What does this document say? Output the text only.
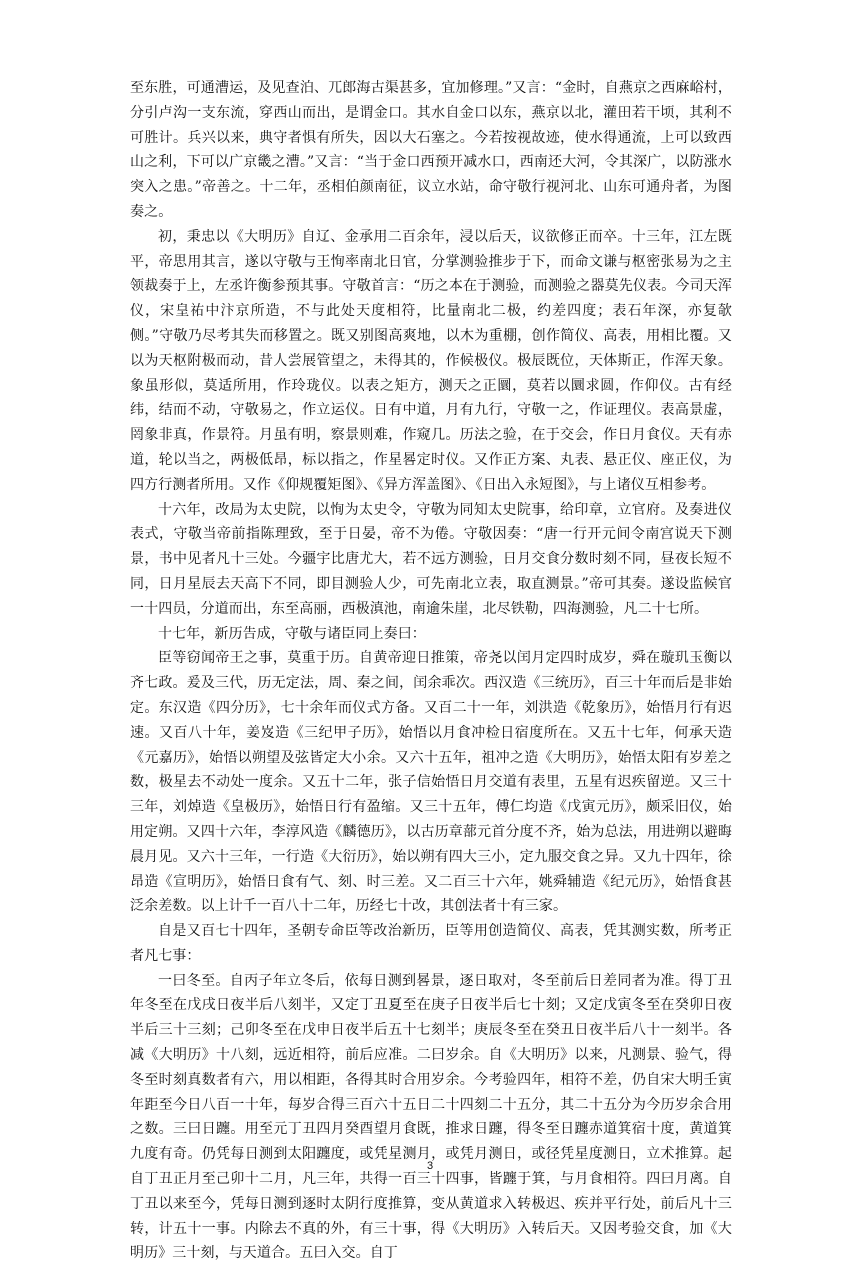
至东胜，可通漕运，及见查泊、兀郎海古渠甚多，宜加修理。”又言：“金时，自燕京之西麻峪村，分引卢沟一支东流，穿西山而出，是谓金口。其水自金口以东，燕京以北，灌田若干顷，其利不可胜计。兵兴以来，典守者惧有所失，因以大石塞之。今若按视故迹，使水得通流，上可以致西山之利，下可以广京畿之漕。”又言：“当于金口西预开减水口，西南还大河，令其深广，以防涨水突入之患。”帝善之。十二年，丞相伯颜南征，议立水站，命守敬行视河北、山东可通舟者，为图奏之。

初，秉忠以《大明历》自辽、金承用二百余年，浸以后天，议欲修正而卒。十三年，江左既平，帝思用其言，遂以守敬与王恂率南北日官，分掌测验推步于下，而命文谦与枢密张易为之主领裁奏于上，左丞许衡参预其事。守敬首言：“历之本在于测验，而测验之器莫先仪表。今司天浑仪，宋皇祐中汴京所造，不与此处天度相符，比量南北二极，约差四度；表石年深，亦复欹侧。”守敬乃尽考其失而移置之。既又别图高爽地，以木为重棚，创作简仪、高表，用相比覆。又以为天枢附极而动，昔人尝展管望之，未得其的，作候极仪。极辰既位，天体斯正，作浑天象。象虽形似，莫适所用，作玲珑仪。以表之矩方，测天之正圜，莫若以圜求圆，作仰仪。古有经纬，结而不动，守敬易之，作立运仪。日有中道，月有九行，守敬一之，作证理仪。表高景虚，罔象非真，作景符。月虽有明，察景则难，作窥几。历法之验，在于交会，作日月食仪。天有赤道，轮以当之，两极低昂，标以指之，作星晷定时仪。又作正方案、丸表、悬正仪、座正仪，为四方行测者所用。又作《仰规覆矩图》、《异方浑盖图》、《日出入永短图》，与上诸仪互相参考。

十六年，改局为太史院，以恂为太史令，守敬为同知太史院事，给印章，立官府。及奏进仪表式，守敬当帝前指陈理致，至于日晏，帝不为倦。守敬因奏：“唐一行开元间令南宫说天下测景，书中见者凡十三处。今疆宇比唐尤大，若不远方测验，日月交食分数时刻不同，昼夜长短不同，日月星辰去天高下不同，即目测验人少，可先南北立表，取直测景。”帝可其奏。遂设监候官一十四员，分道而出，东至高丽，西极滇池，南逾朱崖，北尽铁勒，四海测验，凡二十七所。

十七年，新历告成，守敬与诸臣同上奏曰：

臣等窃闻帝王之事，莫重于历。自黄帝迎日推策，帝尧以闰月定四时成岁，舜在璇玑玉衡以齐七政。爰及三代，历无定法，周、秦之间，闰余乖次。西汉造《三统历》，百三十年而后是非始定。东汉造《四分历》，七十余年而仪式方备。又百二十一年，刘洪造《乾象历》，始悟月行有迟速。又百八十年，姜岌造《三纪甲子历》，始悟以月食冲检日宿度所在。又五十七年，何承天造《元嘉历》，始悟以朔望及弦皆定大小余。又六十五年，祖冲之造《大明历》，始悟太阳有岁差之数，极星去不动处一度余。又五十二年，张子信始悟日月交道有表里，五星有迟疾留逆。又三十三年，刘焯造《皇极历》，始悟日行有盈缩。又三十五年，傅仁均造《戊寅元历》，颇采旧仪，始用定朔。又四十六年，李淳风造《麟德历》，以古历章蔀元首分度不齐，始为总法，用进朔以避晦晨月见。又六十三年，一行造《大衍历》，始以朔有四大三小，定九服交食之异。又九十四年，徐昂造《宣明历》，始悟日食有气、刻、时三差。又二百三十六年，姚舜辅造《纪元历》，始悟食甚泛余差数。以上计千一百八十二年，历经七十改，其创法者十有三家。

自是又百七十四年，圣朝专命臣等改治新历，臣等用创造简仪、高表，凭其测实数，所考正者凡七事：

一曰冬至。自丙子年立冬后，依每日测到晷景，逐日取对，冬至前后日差同者为准。得丁丑年冬至在戊戌日夜半后八刻半，又定丁丑夏至在庚子日夜半后七十刻；又定戊寅冬至在癸卯日夜半后三十三刻；己卯冬至在戊申日夜半后五十七刻半；庚辰冬至在癸丑日夜半后八十一刻半。各减《大明历》十八刻，远近相符，前后应准。二曰岁余。自《大明历》以来，凡测景、验气，得冬至时刻真数者有六，用以相距，各得其时合用岁余。今考验四年，相符不差，仍自宋大明壬寅年距至今日八百一十年，每岁合得三百六十五日二十四刻二十五分，其二十五分为今历岁余合用之数。三曰日躔。用至元丁丑四月癸酉望月食既，推求日躔，得冬至日躔赤道箕宿十度，黄道箕九度有奇。仍凭每日测到太阳躔度，或凭星测月，或凭月测日，或径凭星度测日，立术推算。起自丁丑正月至己卯十二月，凡三年，共得一百三十四事，皆躔于箕，与月食相符。四曰月离。自丁丑以来至今，凭每日测到逐时太阴行度推算，变从黄道求入转极迟、疾并平行处，前后凡十三转，计五十一事。内除去不真的外，有三十事，得《大明历》入转后天。又因考验交食，加《大明历》三十刻，与天道合。五曰入交。自丁

3
